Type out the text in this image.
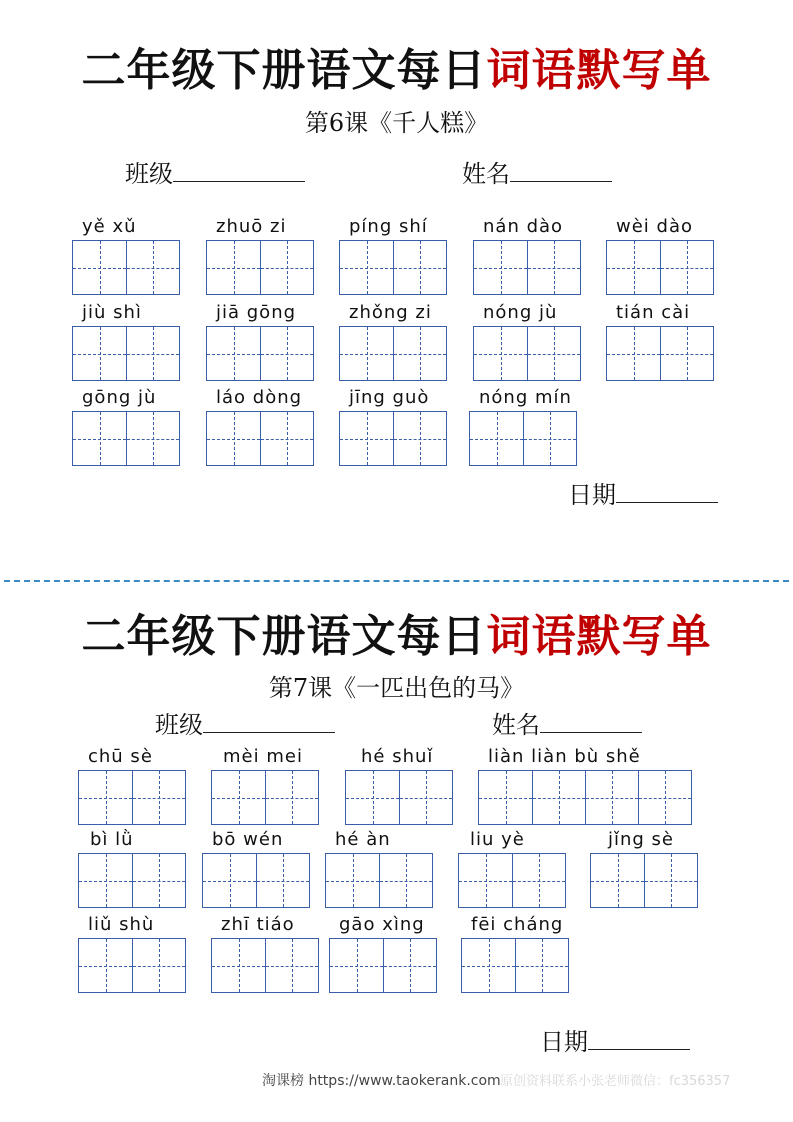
二年级下册语文每日词语默写单
第6课《千人糕》
班级	姓名
yě xǔ	zhuō zi	píng shí	nán dào	wèi dào
jiù shì	jiā gōng	zhǒng zi	nóng jù	tián cài
gōng jù	láo dòng	jīng guò	nóng mín
日期
二年级下册语文每日词语默写单
第7课《一匹出色的马》
班级	姓名
chū sè	mèi mei	hé shuǐ	liàn liàn bù shě
bì lǜ	bō wén	hé àn	liu yè	jǐng sè
liǔ shù	zhī tiáo	gāo xìng	fēi cháng
日期
淘课榜 https://www.taokerank.com 原创资料联系小张老师微信：fc356357
